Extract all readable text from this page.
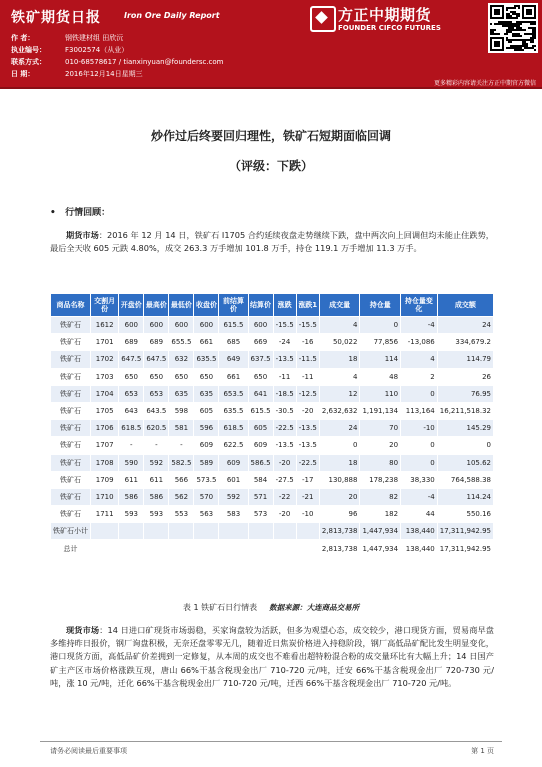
铁矿期货日报	Iron Ore Daily Report
作 者：	钢铁建材组 田欣沅
执业编号：	F3002574（从业）
联系方式：	010-68578617 / tianxinyuan@foundersc.com
日 期：	2016年12月14日星期三
方正中期期货
FOUNDER CIFCO FUTURES
更多精彩内容请关注方正中期官方微信
炒作过后终要回归理性，铁矿石短期面临回调
（评级：下跌）
•   行情回顾：
期货市场：2016 年 12 月 14 日，铁矿石 I1705 合约延续夜盘走势继续下跌，盘中两次向上回调但均未能止住跌势，最后全天收 605 元跌 4.80%，成交 263.3 万手增加 101.8 万手，持仓 119.1 万手增加 11.3 万手。
商品名称	交割月份	开盘价	最高价	最低价	收盘价	前结算价	结算价	涨跌	涨跌1	成交量	持仓量	持仓量变化	成交额
铁矿石	1612	600	600	600	600	615.5	600	-15.5	-15.5	4	0	-4	24
铁矿石	1701	689	689	655.5	661	685	669	-24	-16	50,022	77,856	-13,086	334,679.2
铁矿石	1702	647.5	647.5	632	635.5	649	637.5	-13.5	-11.5	18	114	4	114.79
铁矿石	1703	650	650	650	650	661	650	-11	-11	4	48	2	26
铁矿石	1704	653	653	635	635	653.5	641	-18.5	-12.5	12	110	0	76.95
铁矿石	1705	643	643.5	598	605	635.5	615.5	-30.5	-20	2,632,632	1,191,134	113,164	16,211,518.32
铁矿石	1706	618.5	620.5	581	596	618.5	605	-22.5	-13.5	24	70	-10	145.29
铁矿石	1707	-	-	-	609	622.5	609	-13.5	-13.5	0	20	0	0
铁矿石	1708	590	592	582.5	589	609	586.5	-20	-22.5	18	80	0	105.62
铁矿石	1709	611	611	566	573.5	601	584	-27.5	-17	130,888	178,238	38,330	764,588.38
铁矿石	1710	586	586	562	570	592	571	-22	-21	20	82	-4	114.24
铁矿石	1711	593	593	553	563	583	573	-20	-10	96	182	44	550.16
铁矿石小计										2,813,738	1,447,934	138,440	17,311,942.95
总计										2,813,738	1,447,934	138,440	17,311,942.95
表 1 铁矿石日行情表 数据来源：大连商品交易所
现货市场：14 日进口矿现货市场弱稳，买家询盘较为活跃，但多为观望心态，成交较少，港口现货方面，贸易商早盘多维持昨日报价，钢厂询盘积极，无奈还盘零零无几，随着近日焦炭价格进入持稳阶段，钢厂高低品矿配比发生明显变化，港口现货方面，高低品矿价差拥到一定修复，从本周的成交也不难看出超特粉混合粉的成交量环比有大幅上升；14 日国产矿主产区市场价格涨跌互现，唐山 66%干基含税现金出厂 710-720 元/吨，迁安 66%干基含税现金出厂 720-730 元/吨，涨 10 元/吨，迁化 66%干基含税现金出厂 710-720 元/吨，迁西 66%干基含税现金出厂 710-720 元/吨。
请务必阅读最后重要事项	第 1 页
